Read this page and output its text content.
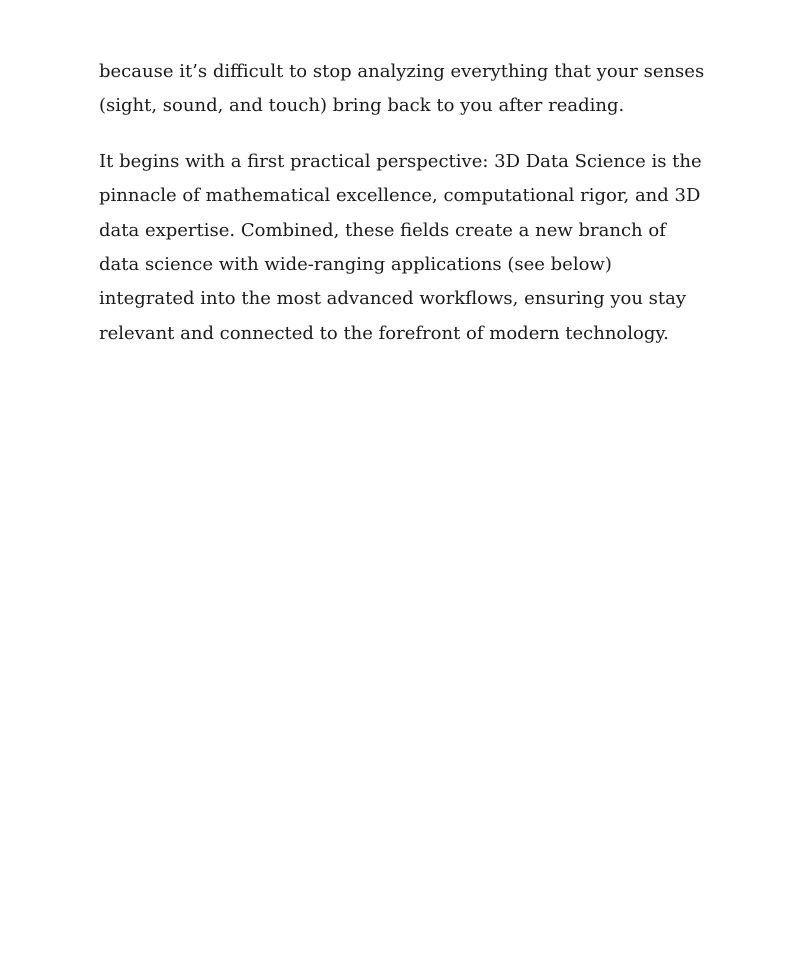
because it’s difficult to stop analyzing everything that your senses (sight, sound, and touch) bring back to you after reading.

It begins with a first practical perspective: 3D Data Science is the pinnacle of mathematical excellence, computational rigor, and 3D data expertise. Combined, these fields create a new branch of data science with wide-ranging applications (see below) integrated into the most advanced workflows, ensuring you stay relevant and connected to the forefront of modern technology.
